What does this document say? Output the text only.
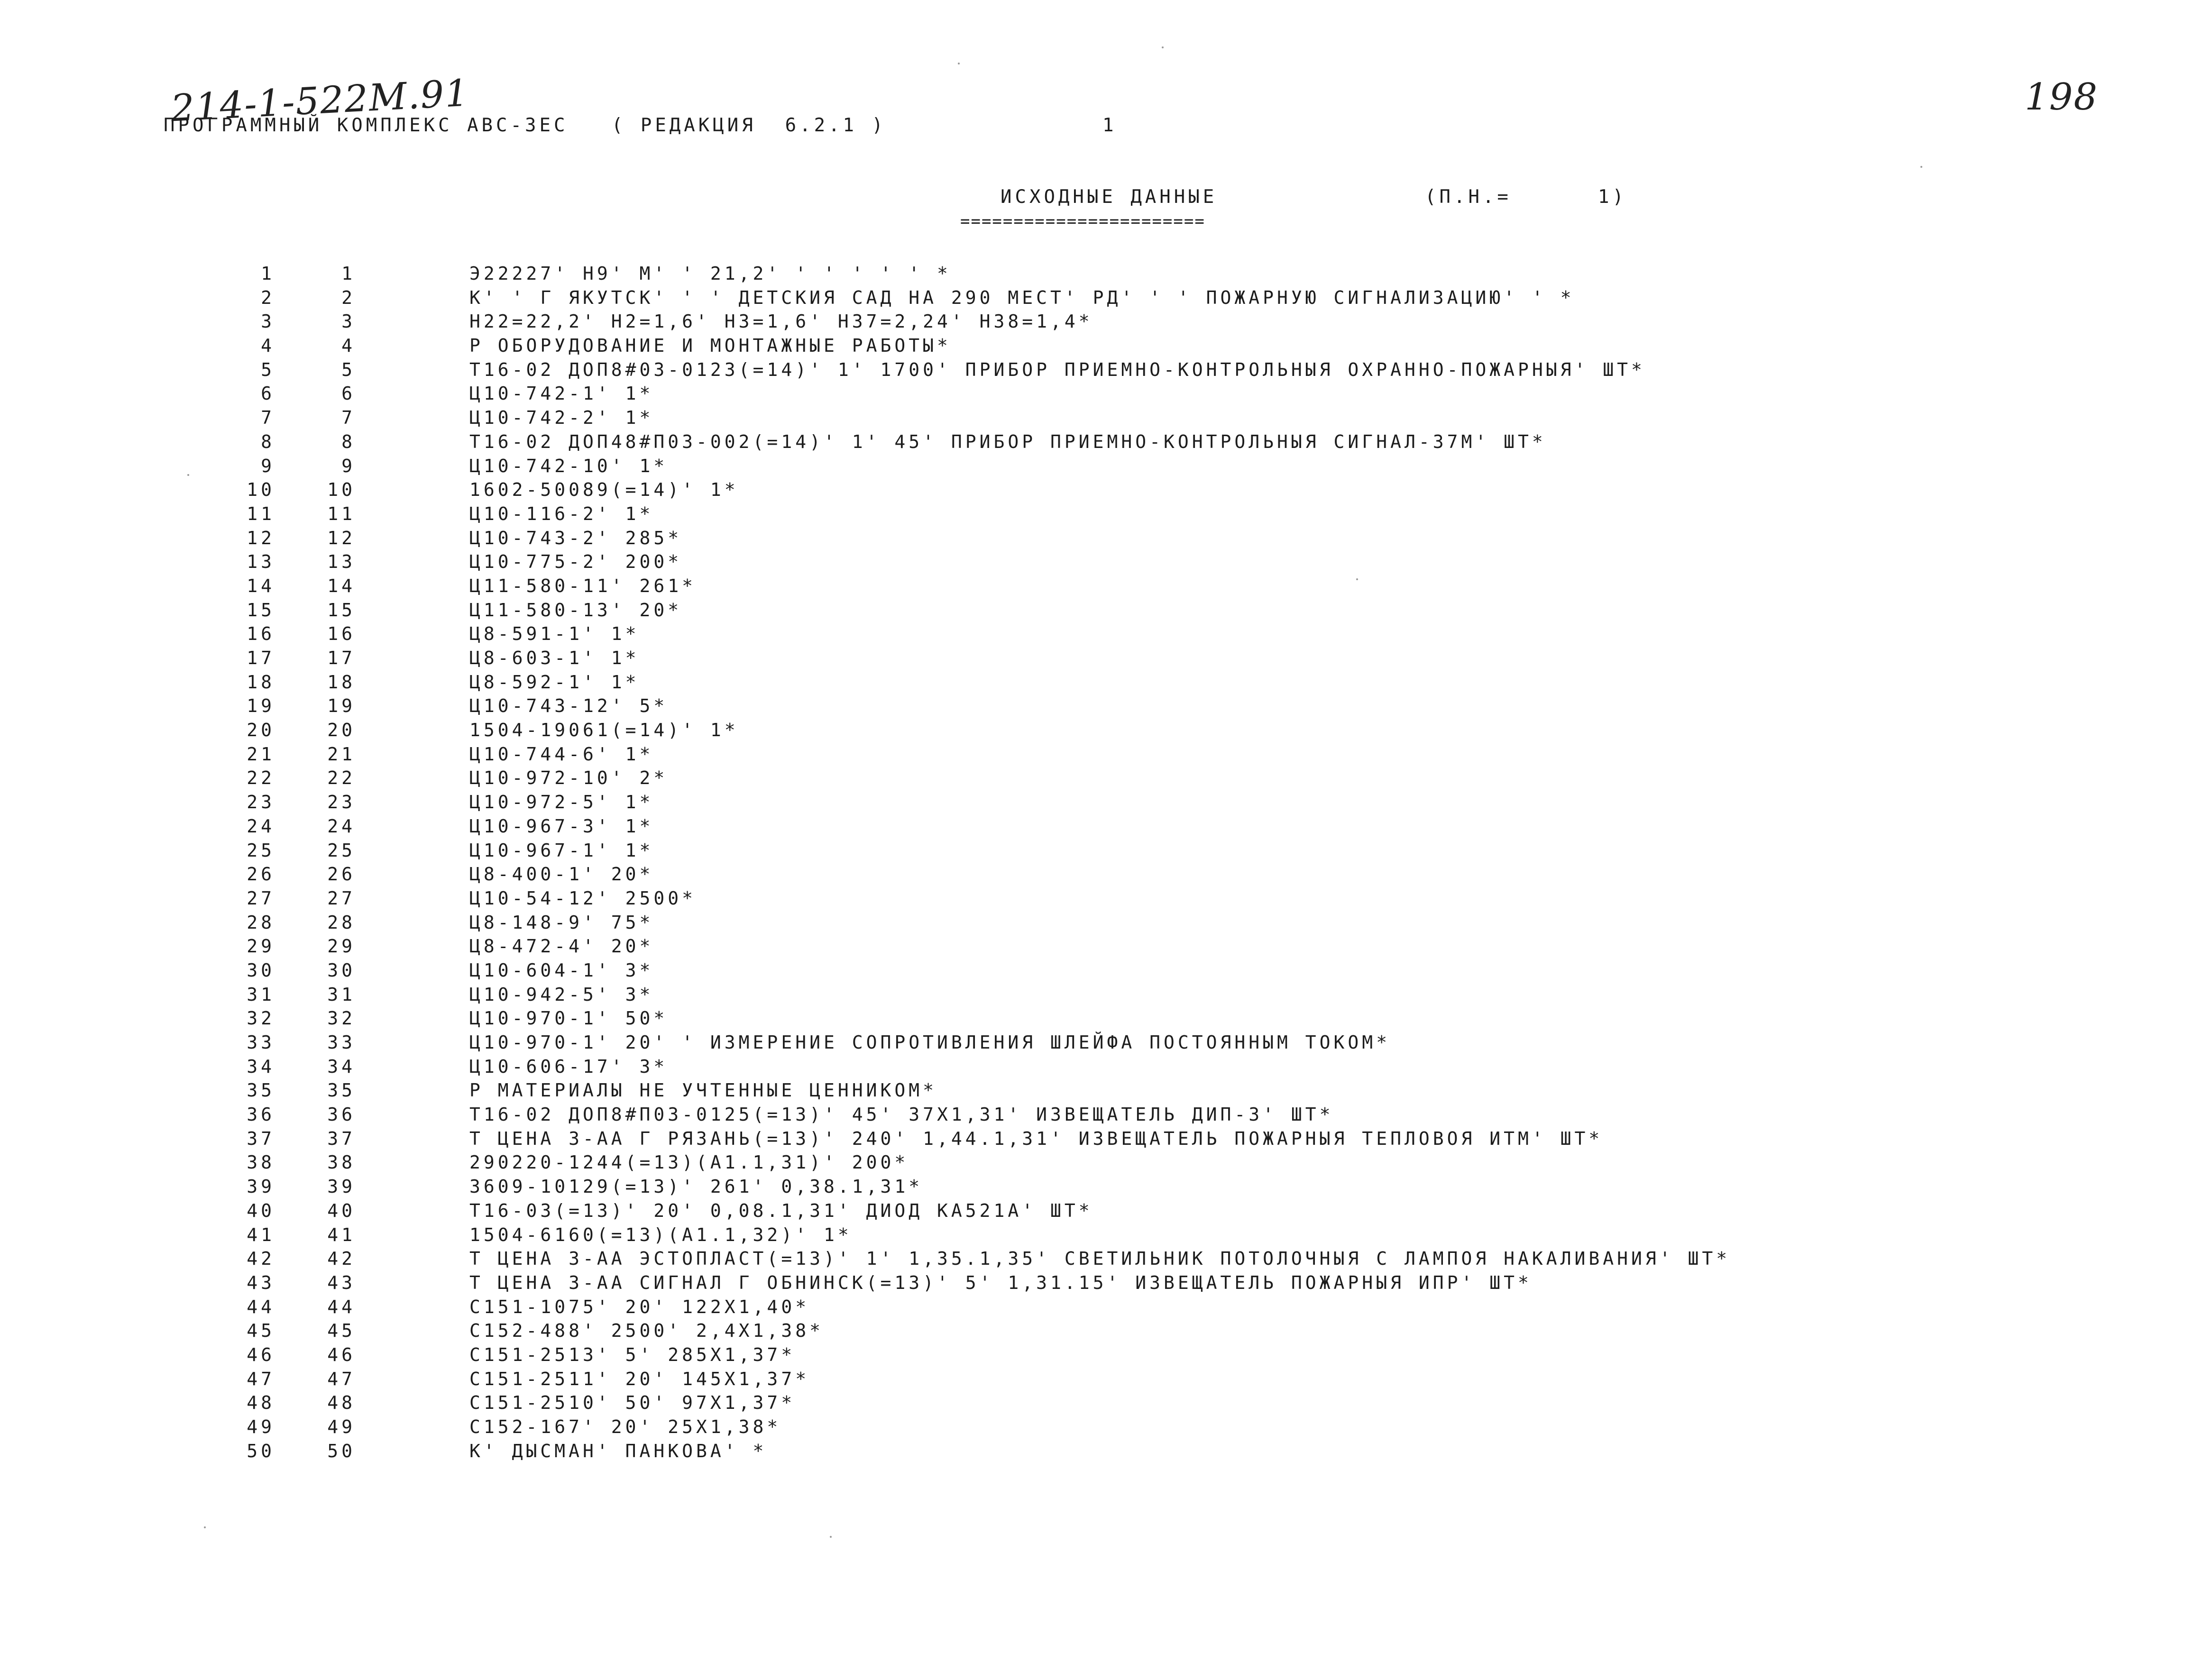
214-1-522М.91	198
ПРОГРАММНЫЙ КОМПЛЕКС АВС-3ЕС   ( РЕДАКЦИЯ  6.2.1 )	1
ИСХОДНЫЕ ДАННЫЕ
=======================
(П.Н.=	1)
1	1	Э22227' Н9' М' ' 21,2' ' ' ' ' ' *
2	2	К' ' Г ЯКУТСК' ' ' ДЕТСКИЯ САД НА 290 МЕСТ' РД' ' ' ПОЖАРНУЮ СИГНАЛИЗАЦИЮ' ' *
3	3	Н22=22,2' Н2=1,6' Н3=1,6' Н37=2,24' Н38=1,4*
4	4	Р ОБОРУДОВАНИЕ И МОНТАЖНЫЕ РАБОТЫ*
5	5	Т16-02 ДОП8#03-0123(=14)' 1' 1700' ПРИБОР ПРИЕМНО-КОНТРОЛЬНЫЯ ОХРАННО-ПОЖАРНЫЯ' ШТ*
6	6	Ц10-742-1' 1*
7	7	Ц10-742-2' 1*
8	8	Т16-02 ДОП48#П03-002(=14)' 1' 45' ПРИБОР ПРИЕМНО-КОНТРОЛЬНЫЯ СИГНАЛ-37М' ШТ*
9	9	Ц10-742-10' 1*
10	10	1602-50089(=14)' 1*
11	11	Ц10-116-2' 1*
12	12	Ц10-743-2' 285*
13	13	Ц10-775-2' 200*
14	14	Ц11-580-11' 261*
15	15	Ц11-580-13' 20*
16	16	Ц8-591-1' 1*
17	17	Ц8-603-1' 1*
18	18	Ц8-592-1' 1*
19	19	Ц10-743-12' 5*
20	20	1504-19061(=14)' 1*
21	21	Ц10-744-6' 1*
22	22	Ц10-972-10' 2*
23	23	Ц10-972-5' 1*
24	24	Ц10-967-3' 1*
25	25	Ц10-967-1' 1*
26	26	Ц8-400-1' 20*
27	27	Ц10-54-12' 2500*
28	28	Ц8-148-9' 75*
29	29	Ц8-472-4' 20*
30	30	Ц10-604-1' 3*
31	31	Ц10-942-5' 3*
32	32	Ц10-970-1' 50*
33	33	Ц10-970-1' 20' ' ИЗМЕРЕНИЕ СОПРОТИВЛЕНИЯ ШЛЕЙФА ПОСТОЯННЫМ ТОКОМ*
34	34	Ц10-606-17' 3*
35	35	Р МАТЕРИАЛЫ НЕ УЧТЕННЫЕ ЦЕННИКОМ*
36	36	Т16-02 ДОП8#П03-0125(=13)' 45' 37Х1,31' ИЗВЕЩАТЕЛЬ ДИП-3' ШТ*
37	37	Т ЦЕНА 3-АА Г РЯЗАНЬ(=13)' 240' 1,44.1,31' ИЗВЕЩАТЕЛЬ ПОЖАРНЫЯ ТЕПЛОВОЯ ИТМ' ШТ*
38	38	290220-1244(=13)(А1.1,31)' 200*
39	39	3609-10129(=13)' 261' 0,38.1,31*
40	40	Т16-03(=13)' 20' 0,08.1,31' ДИОД КА521А' ШТ*
41	41	1504-6160(=13)(А1.1,32)' 1*
42	42	Т ЦЕНА 3-АА ЭСТОПЛАСТ(=13)' 1' 1,35.1,35' СВЕТИЛЬНИК ПОТОЛОЧНЫЯ С ЛАМПОЯ НАКАЛИВАНИЯ' ШТ*
43	43	Т ЦЕНА 3-АА СИГНАЛ Г ОБНИНСК(=13)' 5' 1,31.15' ИЗВЕЩАТЕЛЬ ПОЖАРНЫЯ ИПР' ШТ*
44	44	С151-1075' 20' 122Х1,40*
45	45	С152-488' 2500' 2,4Х1,38*
46	46	С151-2513' 5' 285Х1,37*
47	47	С151-2511' 20' 145Х1,37*
48	48	С151-2510' 50' 97Х1,37*
49	49	С152-167' 20' 25Х1,38*
50	50	К' ДЫСМАН' ПАНКОВА' *
